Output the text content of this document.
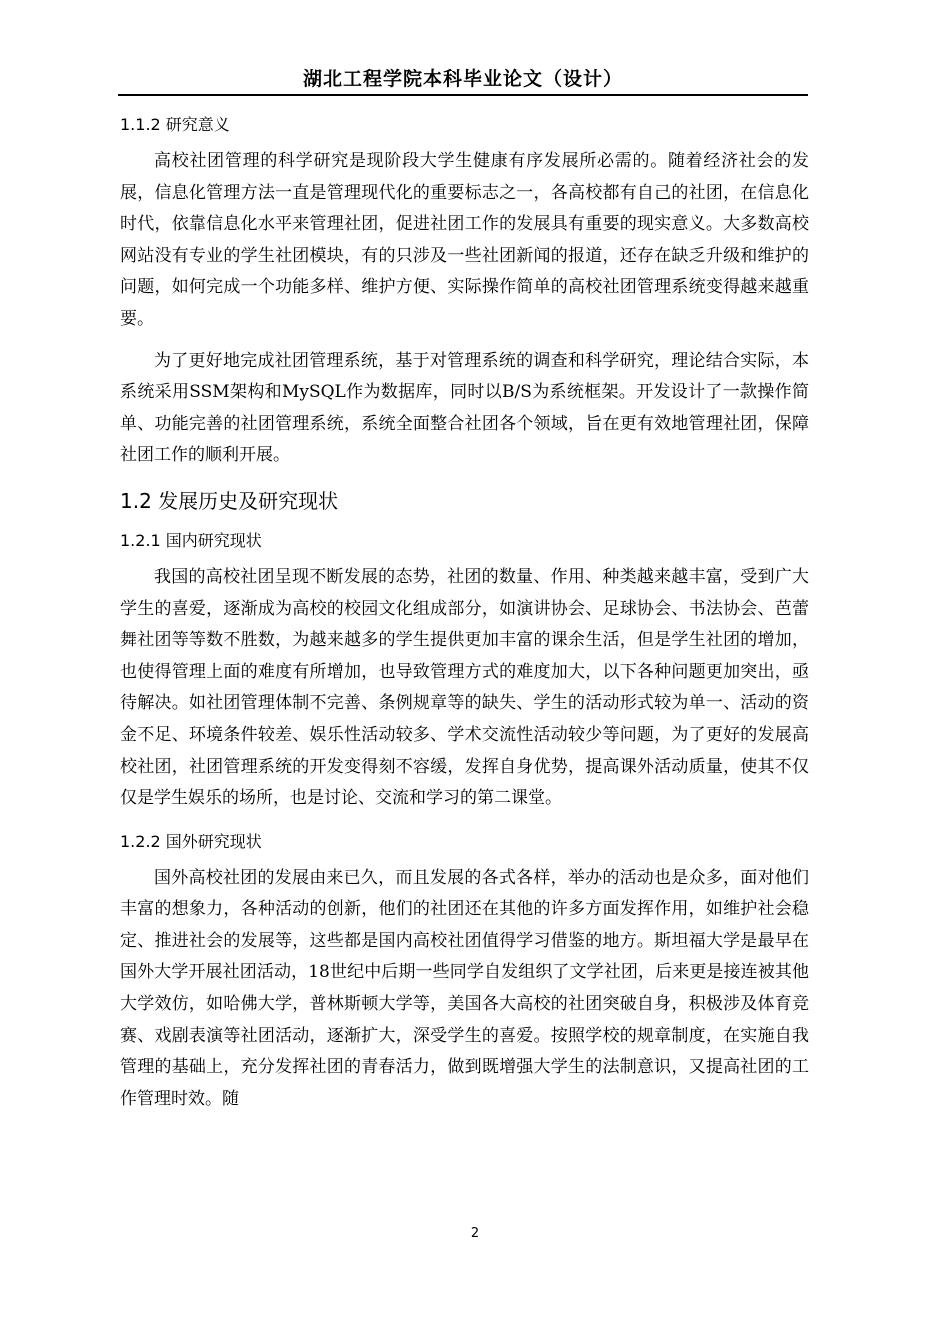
湖北工程学院本科毕业论文（设计）
1.1.2 研究意义

高校社团管理的科学研究是现阶段大学生健康有序发展所必需的。随着经济社会的发展，信息化管理方法一直是管理现代化的重要标志之一，各高校都有自己的社团，在信息化时代，依靠信息化水平来管理社团，促进社团工作的发展具有重要的现实意义。大多数高校网站没有专业的学生社团模块，有的只涉及一些社团新闻的报道，还存在缺乏升级和维护的问题，如何完成一个功能多样、维护方便、实际操作简单的高校社团管理系统变得越来越重要。

为了更好地完成社团管理系统，基于对管理系统的调查和科学研究，理论结合实际，本系统采用SSM架构和MySQL作为数据库，同时以B/S为系统框架。开发设计了一款操作简单、功能完善的社团管理系统，系统全面整合社团各个领域，旨在更有效地管理社团，保障社团工作的顺利开展。

1.2 发展历史及研究现状
1.2.1 国内研究现状

我国的高校社团呈现不断发展的态势，社团的数量、作用、种类越来越丰富，受到广大学生的喜爱，逐渐成为高校的校园文化组成部分，如演讲协会、足球协会、书法协会、芭蕾舞社团等等数不胜数，为越来越多的学生提供更加丰富的课余生活，但是学生社团的增加，也使得管理上面的难度有所增加，也导致管理方式的难度加大，以下各种问题更加突出，亟待解决。如社团管理体制不完善、条例规章等的缺失、学生的活动形式较为单一、活动的资金不足、环境条件较差、娱乐性活动较多、学术交流性活动较少等问题，为了更好的发展高校社团，社团管理系统的开发变得刻不容缓，发挥自身优势，提高课外活动质量，使其不仅仅是学生娱乐的场所，也是讨论、交流和学习的第二课堂。

1.2.2 国外研究现状

国外高校社团的发展由来已久，而且发展的各式各样，举办的活动也是众多，面对他们丰富的想象力，各种活动的创新，他们的社团还在其他的许多方面发挥作用，如维护社会稳定、推进社会的发展等，这些都是国内高校社团值得学习借鉴的地方。斯坦福大学是最早在国外大学开展社团活动，18世纪中后期一些同学自发组织了文学社团，后来更是接连被其他大学效仿，如哈佛大学，普林斯顿大学等，美国各大高校的社团突破自身，积极涉及体育竞赛、戏剧表演等社团活动，逐渐扩大，深受学生的喜爱。按照学校的规章制度，在实施自我管理的基础上，充分发挥社团的青春活力，做到既增强大学生的法制意识，又提高社团的工作管理时效。随

2
